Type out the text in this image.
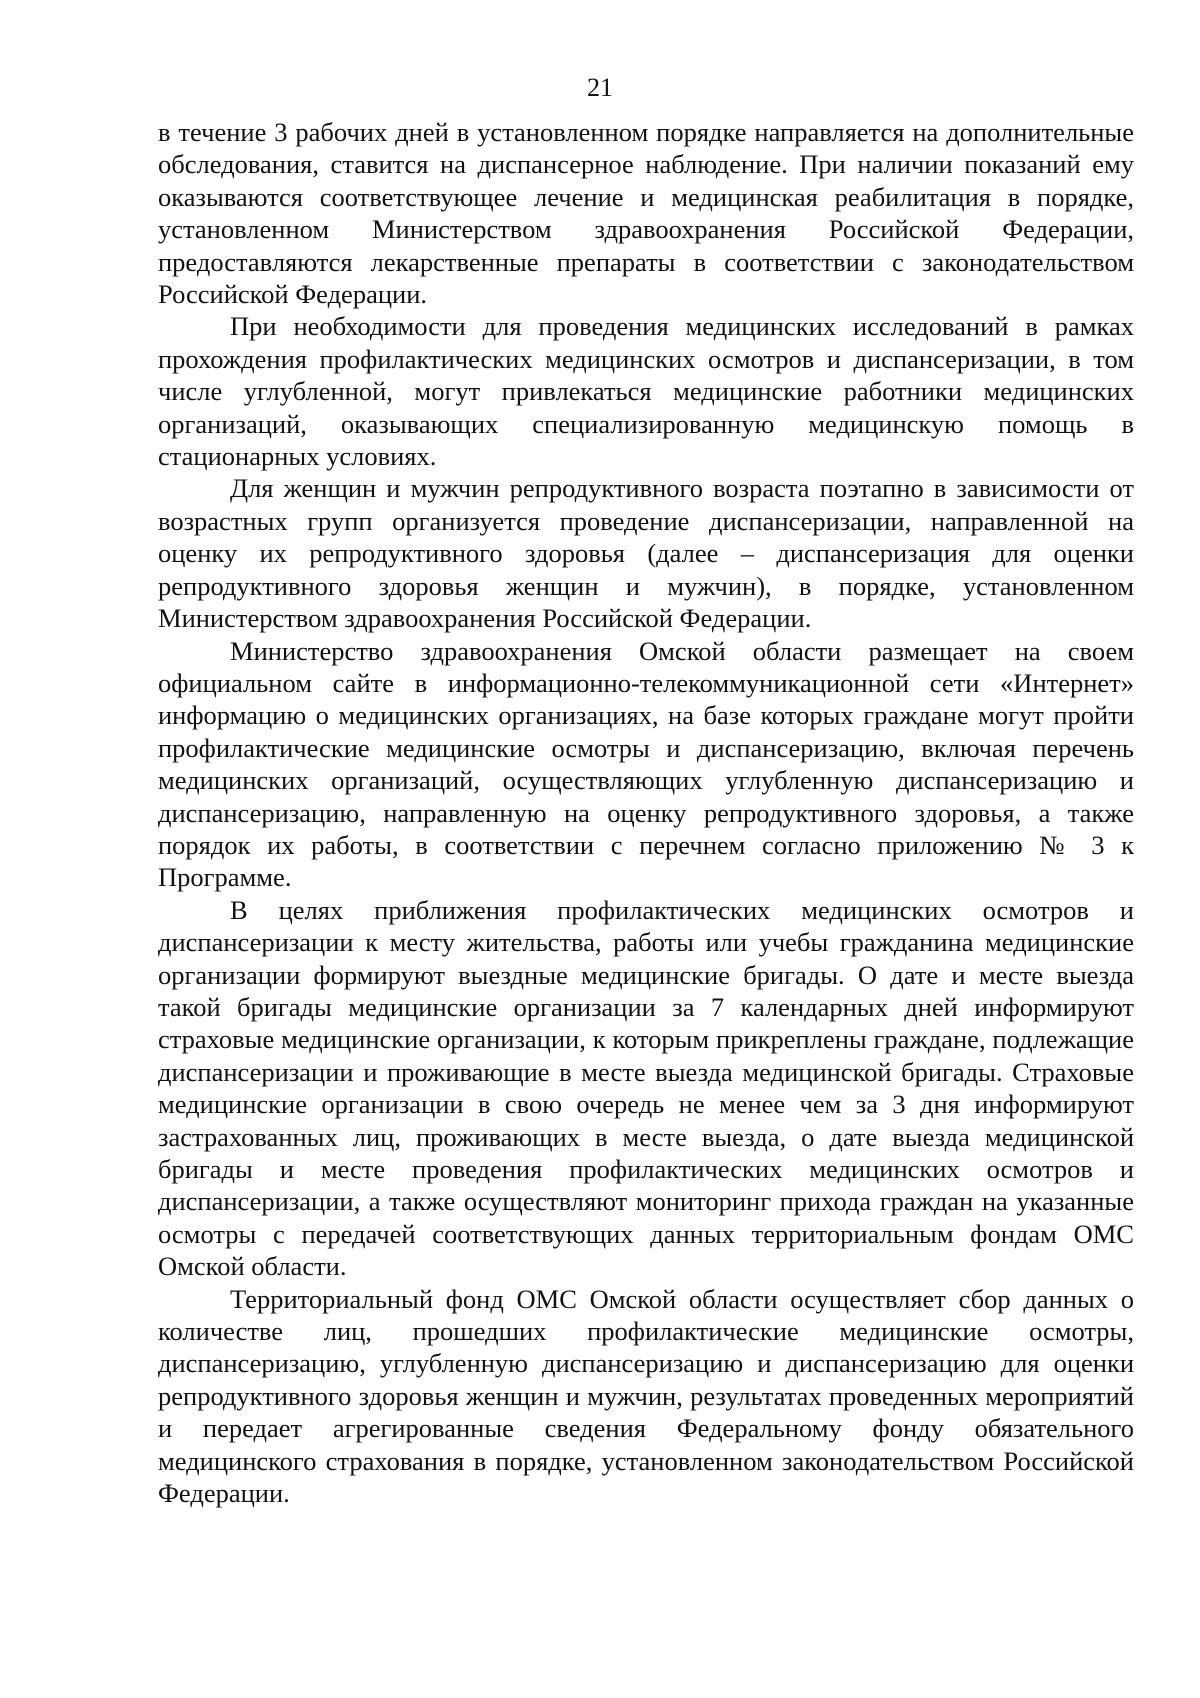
21

в течение 3 рабочих дней в установленном порядке направляется на дополнительные обследования, ставится на диспансерное наблюдение. При наличии показаний ему оказываются соответствующее лечение и медицинская реабилитация в порядке, установленном Министерством здравоохранения Российской Федерации, предоставляются лекарственные препараты в соответствии с законодательством Российской Федерации.

При необходимости для проведения медицинских исследований в рамках прохождения профилактических медицинских осмотров и диспансеризации, в том числе углубленной, могут привлекаться медицинские работники медицинских организаций, оказывающих специализированную медицинскую помощь в стационарных условиях.

Для женщин и мужчин репродуктивного возраста поэтапно в зависимости от возрастных групп организуется проведение диспансеризации, направленной на оценку их репродуктивного здоровья (далее – диспансеризация для оценки репродуктивного здоровья женщин и мужчин), в порядке, установленном Министерством здравоохранения Российской Федерации.

Министерство здравоохранения Омской области размещает на своем официальном сайте в информационно-телекоммуникационной сети «Интернет» информацию о медицинских организациях, на базе которых граждане могут пройти профилактические медицинские осмотры и диспансеризацию, включая перечень медицинских организаций, осуществляющих углубленную диспансеризацию и диспансеризацию, направленную на оценку репродуктивного здоровья, а также порядок их работы, в соответствии с перечнем согласно приложению № 3 к Программе.

В целях приближения профилактических медицинских осмотров и диспансеризации к месту жительства, работы или учебы гражданина медицинские организации формируют выездные медицинские бригады. О дате и месте выезда такой бригады медицинские организации за 7 календарных дней информируют страховые медицинские организации, к которым прикреплены граждане, подлежащие диспансеризации и проживающие в месте выезда медицинской бригады. Страховые медицинские организации в свою очередь не менее чем за 3 дня информируют застрахованных лиц, проживающих в месте выезда, о дате выезда медицинской бригады и месте проведения профилактических медицинских осмотров и диспансеризации, а также осуществляют мониторинг прихода граждан на указанные осмотры с передачей соответствующих данных территориальным фондам ОМС Омской области.

Территориальный фонд ОМС Омской области осуществляет сбор данных о количестве лиц, прошедших профилактические медицинские осмотры, диспансеризацию, углубленную диспансеризацию и диспансеризацию для оценки репродуктивного здоровья женщин и мужчин, результатах проведенных мероприятий и передает агрегированные сведения Федеральному фонду обязательного медицинского страхования в порядке, установленном законодательством Российской Федерации.
